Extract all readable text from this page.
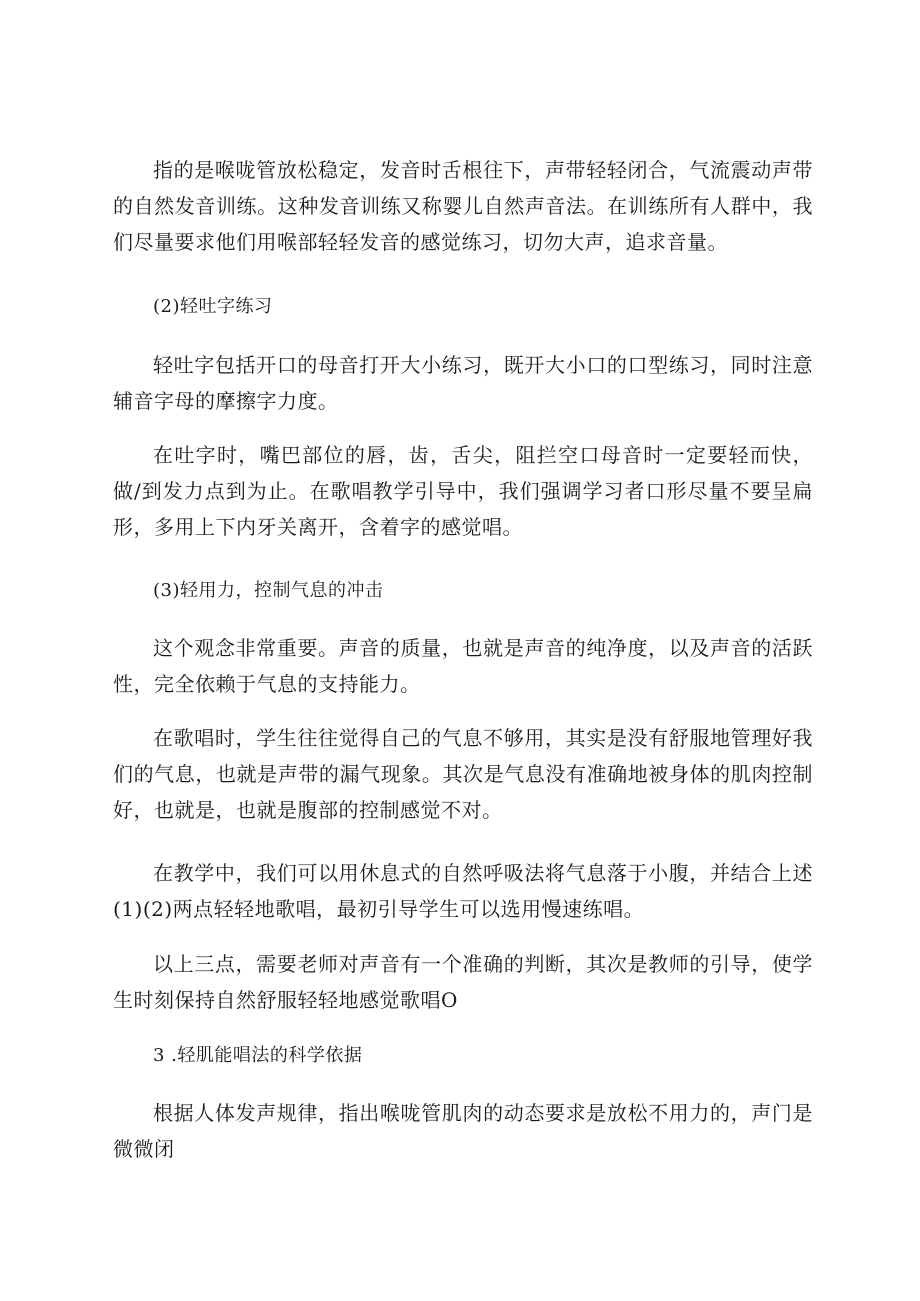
指的是喉咙管放松稳定，发音时舌根往下，声带轻轻闭合，气流震动声带的自然发音训练。这种发音训练又称婴儿自然声音法。在训练所有人群中，我们尽量要求他们用喉部轻轻发音的感觉练习，切勿大声，追求音量。

(2)轻吐字练习

轻吐字包括开口的母音打开大小练习，既开大小口的口型练习，同时注意辅音字母的摩擦字力度。

在吐字时，嘴巴部位的唇，齿，舌尖，阻拦空口母音时一定要轻而快，做/到发力点到为止。在歌唱教学引导中，我们强调学习者口形尽量不要呈扁形，多用上下内牙关离开，含着字的感觉唱。

(3)轻用力，控制气息的冲击

这个观念非常重要。声音的质量，也就是声音的纯净度，以及声音的活跃性，完全依赖于气息的支持能力。

在歌唱时，学生往往觉得自己的气息不够用，其实是没有舒服地管理好我们的气息，也就是声带的漏气现象。其次是气息没有准确地被身体的肌肉控制好，也就是，也就是腹部的控制感觉不对。

在教学中，我们可以用休息式的自然呼吸法将气息落于小腹，并结合上述(1)(2)两点轻轻地歌唱，最初引导学生可以选用慢速练唱。

以上三点，需要老师对声音有一个准确的判断，其次是教师的引导，使学生时刻保持自然舒服轻轻地感觉歌唱O

3 .轻肌能唱法的科学依据

根据人体发声规律，指出喉咙管肌肉的动态要求是放松不用力的，声门是微微闭
